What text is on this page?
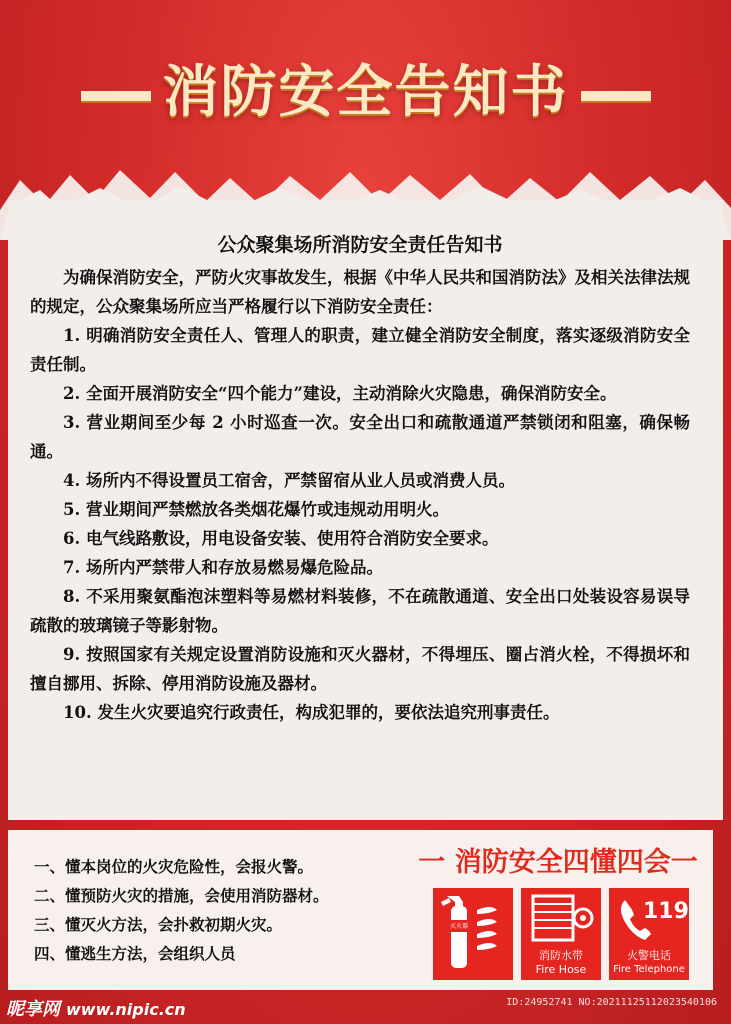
消防安全告知书
公众聚集场所消防安全责任告知书

为确保消防安全，严防火灾事故发生，根据《中华人民共和国消防法》及相关法律法规的规定，公众聚集场所应当严格履行以下消防安全责任：

1. 明确消防安全责任人、管理人的职责，建立健全消防安全制度，落实逐级消防安全责任制。

2. 全面开展消防安全“四个能力”建设，主动消除火灾隐患，确保消防安全。

3. 营业期间至少每 2 小时巡查一次。安全出口和疏散通道严禁锁闭和阻塞，确保畅通。

4. 场所内不得设置员工宿舍，严禁留宿从业人员或消费人员。

5. 营业期间严禁燃放各类烟花爆竹或违规动用明火。

6. 电气线路敷设，用电设备安装、使用符合消防安全要求。

7. 场所内严禁带人和存放易燃易爆危险品。

8. 不采用聚氨酯泡沫塑料等易燃材料装修，不在疏散通道、安全出口处装设容易误导疏散的玻璃镜子等影射物。

9. 按照国家有关规定设置消防设施和灭火器材，不得埋压、圈占消火栓，不得损坏和擅自挪用、拆除、停用消防设施及器材。

10. 发生火灾要追究行政责任，构成犯罪的，要依法追究刑事责任。

一、懂本岗位的火灾危险性，会报火警。
二、懂预防火灾的措施，会使用消防器材。
三、懂灭火方法，会扑救初期火灾。
四、懂逃生方法，会组织人员
一 消防安全四懂四会一
灭火器
消防水带
Fire Hose
119
火警电话
Fire Telephone
昵享网 www.nipic.cn	ID:24952741 NO:20211125112023540106
